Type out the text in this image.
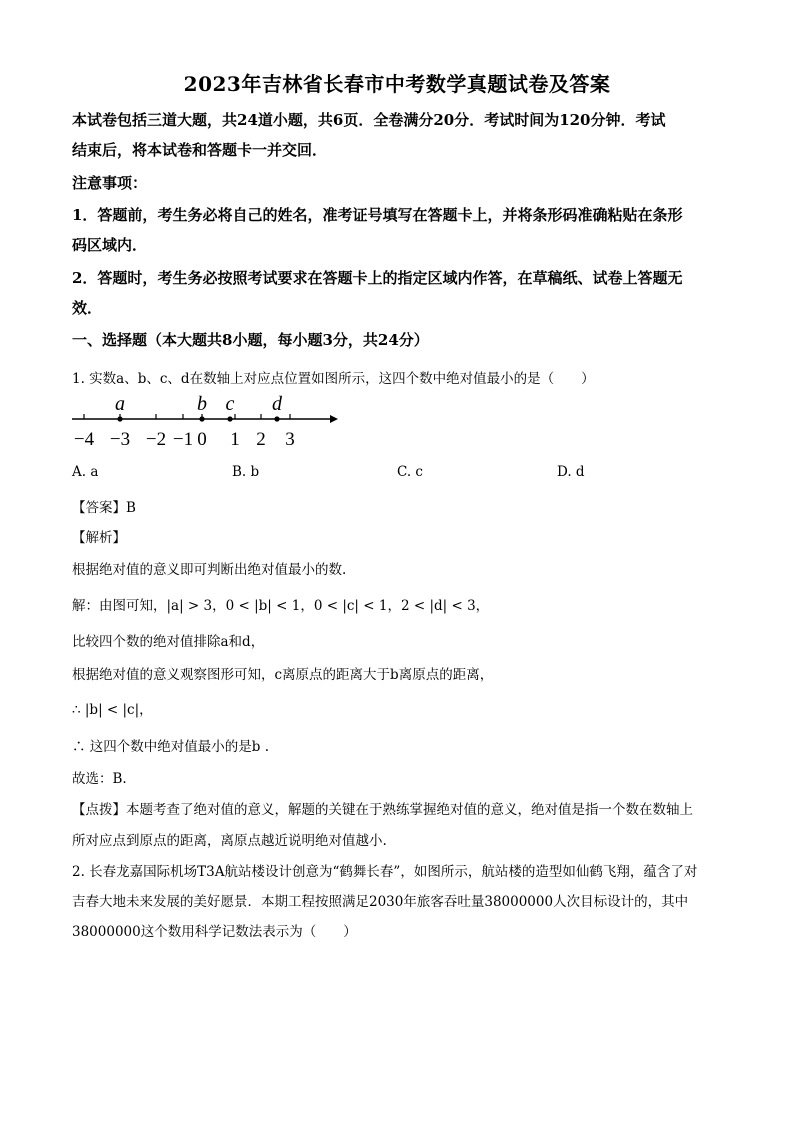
2023年吉林省长春市中考数学真题试卷及答案
本试卷包括三道大题，共24道小题，共6页．全卷满分20分．考试时间为120分钟．考试
结束后，将本试卷和答题卡一并交回．
注意事项：
1．答题前，考生务必将自己的姓名，准考证号填写在答题卡上，并将条形码准确粘贴在条形
码区域内．
2．答题时，考生务必按照考试要求在答题卡上的指定区域内作答，在草稿纸、试卷上答题无
效．
一、选择题（本大题共8小题，每小题3分，共24分）
1. 实数a、b、c、d在数轴上对应点位置如图所示，这四个数中绝对值最小的是（　　）
−4 −3 −2 −1 0 1 2 3
a	b c d
A. a	B. b	C. c	D. d
【答案】B
【解析】
根据绝对值的意义即可判断出绝对值最小的数.
解：由图可知，|a| > 3，0 < |b| < 1，0 < |c| < 1，2 < |d| < 3，
比较四个数的绝对值排除a和d，
根据绝对值的意义观察图形可知，c离原点的距离大于b离原点的距离，
∴ |b| < |c|，
∴ 这四个数中绝对值最小的是b .
故选：B.
【点拨】本题考查了绝对值的意义，解题的关键在于熟练掌握绝对值的意义，绝对值是指一个数在数轴上
所对应点到原点的距离，离原点越近说明绝对值越小.
2. 长春龙嘉国际机场T3A航站楼设计创意为“鹤舞长春”，如图所示，航站楼的造型如仙鹤飞翔，蕴含了对
吉春大地未来发展的美好愿景．本期工程按照满足2030年旅客吞吐量38000000人次目标设计的，其中
38000000这个数用科学记数法表示为（　　）
